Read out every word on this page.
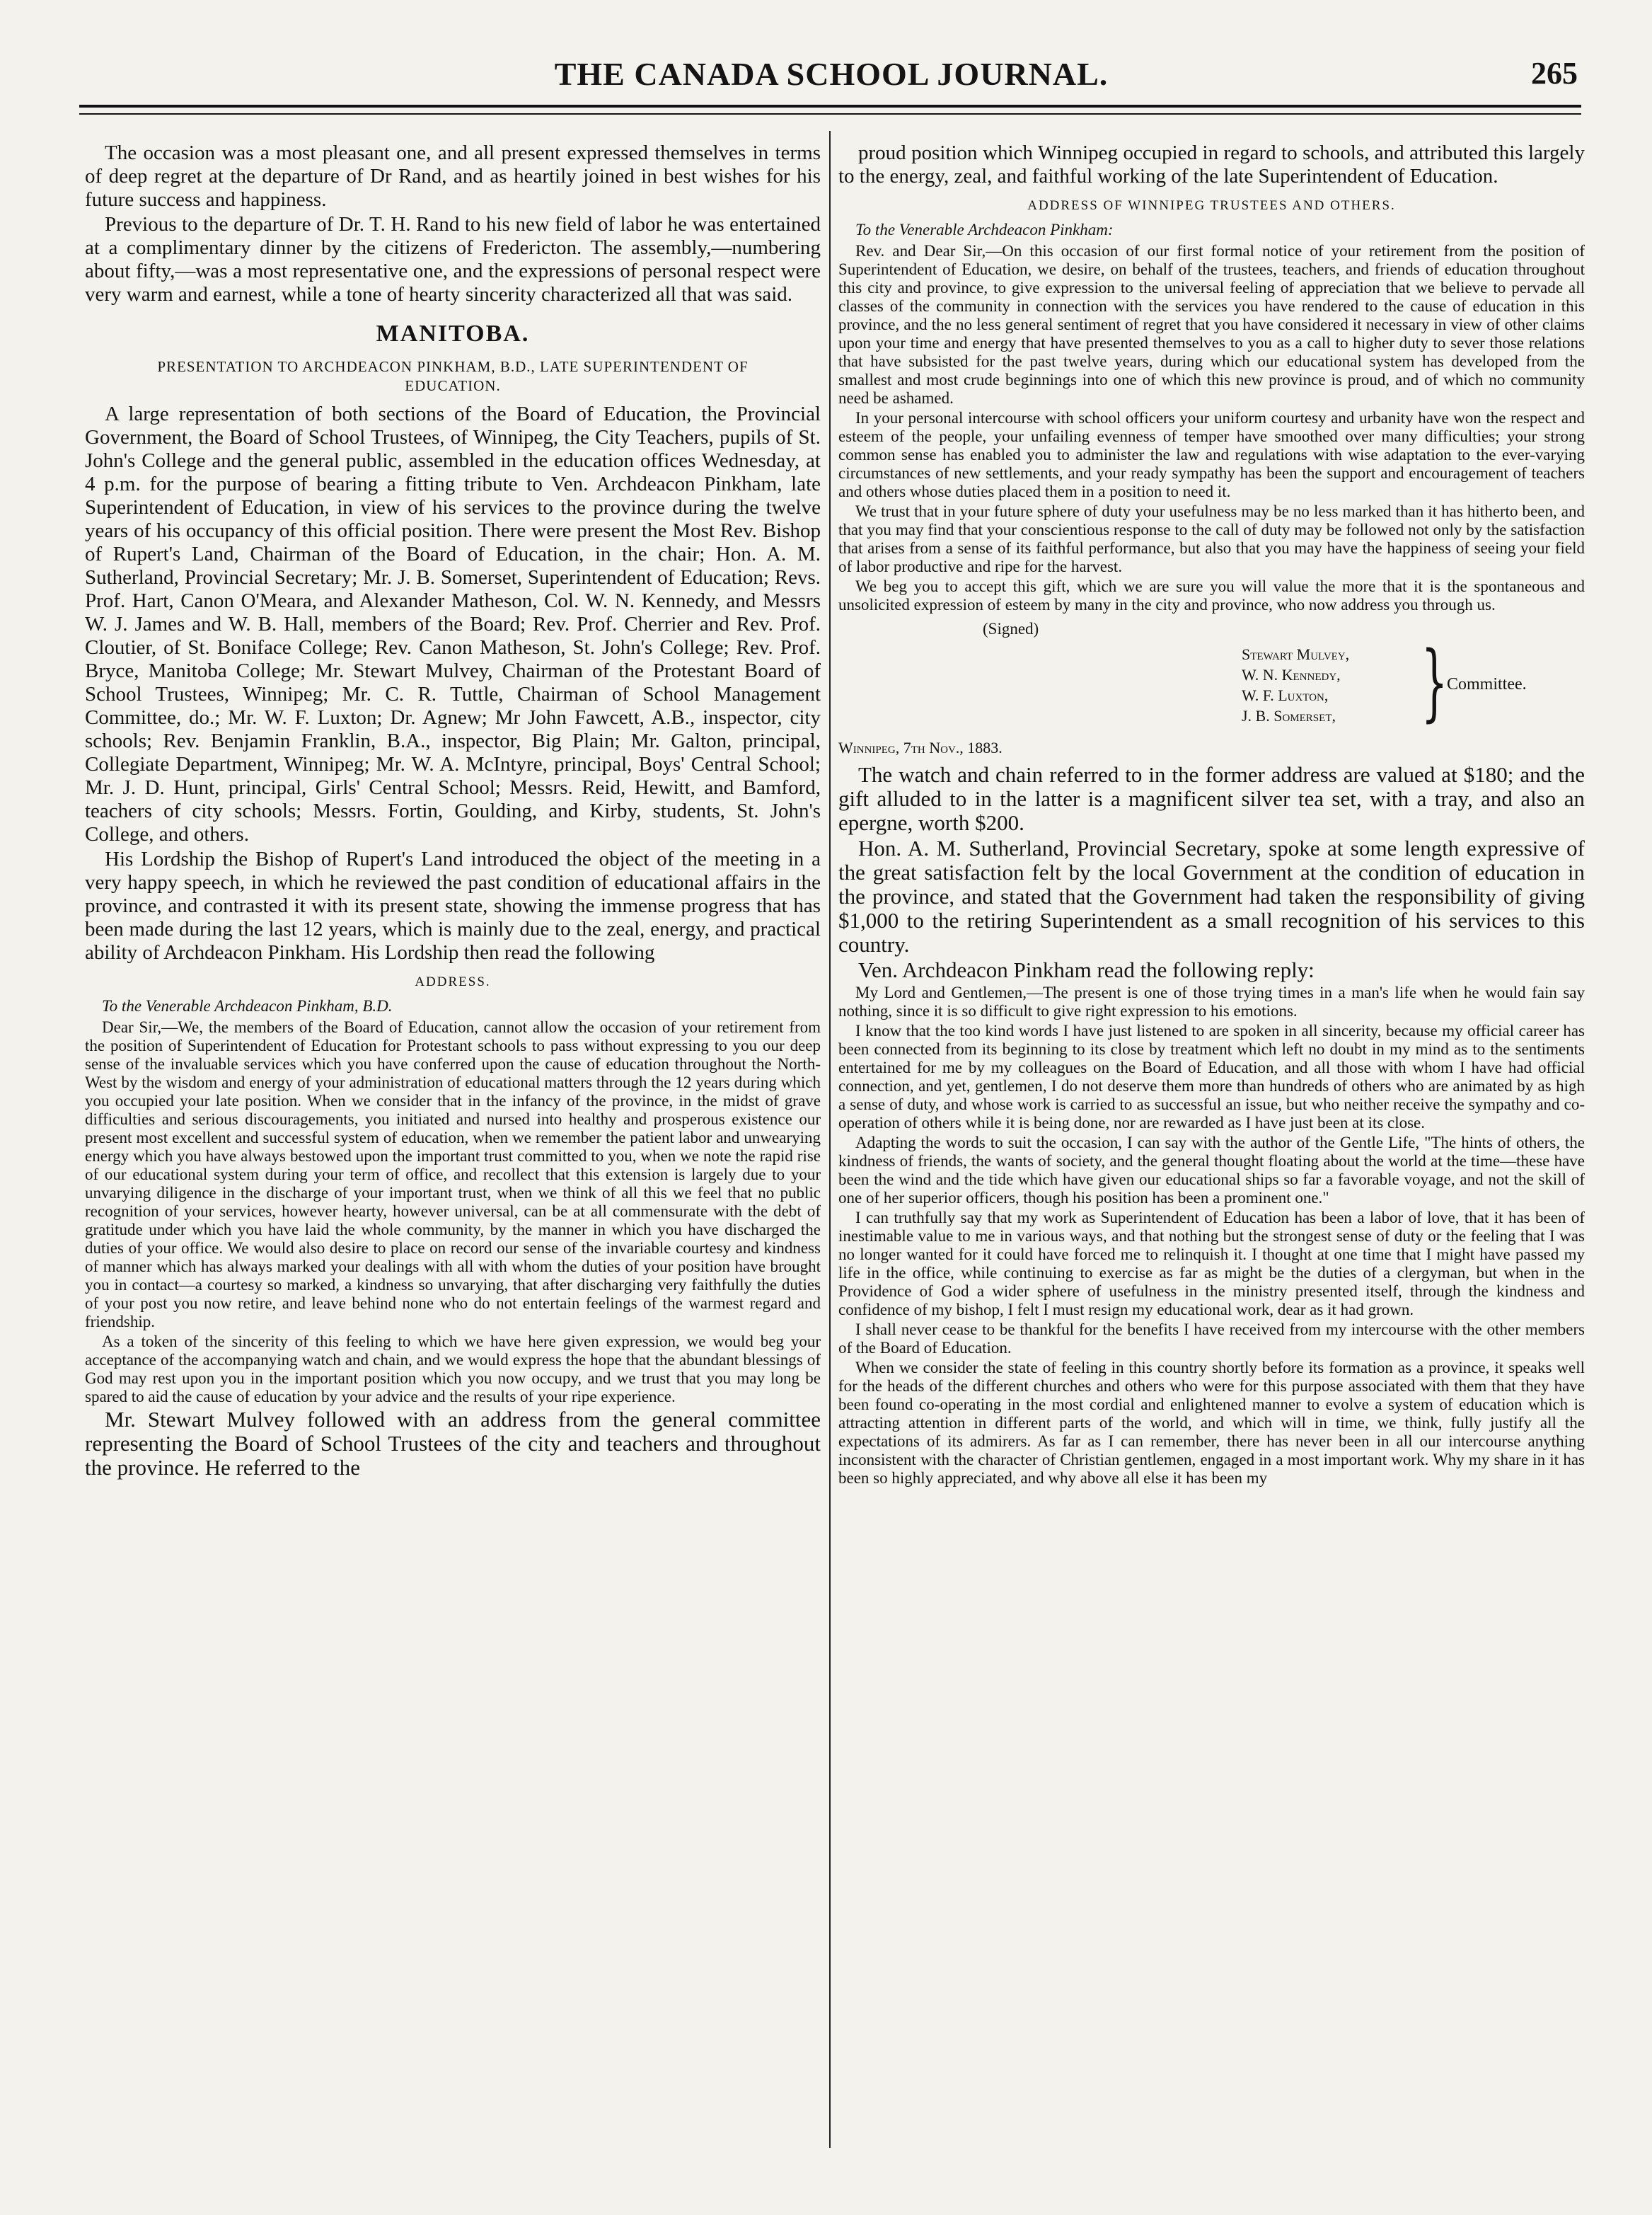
THE CANADA SCHOOL JOURNAL.	265

The occasion was a most pleasant one, and all present expressed themselves in terms of deep regret at the departure of Dr Rand, and as heartily joined in best wishes for his future success and happiness.

Previous to the departure of Dr. T. H. Rand to his new field of labor he was entertained at a complimentary dinner by the citizens of Fredericton. The assembly,—numbering about fifty,—was a most representative one, and the expressions of personal respect were very warm and earnest, while a tone of hearty sincerity characterized all that was said.

MANITOBA.
PRESENTATION TO ARCHDEACON PINKHAM, B.D., LATE SUPERINTENDENT OF EDUCATION.

A large representation of both sections of the Board of Education, the Provincial Government, the Board of School Trustees, of Winnipeg, the City Teachers, pupils of St. John's College and the general public, assembled in the education offices Wednesday, at 4 p.m. for the purpose of bearing a fitting tribute to Ven. Archdeacon Pinkham, late Superintendent of Education, in view of his services to the province during the twelve years of his occupancy of this official position. There were present the Most Rev. Bishop of Rupert's Land, Chairman of the Board of Education, in the chair; Hon. A. M. Sutherland, Provincial Secretary; Mr. J. B. Somerset, Superintendent of Education; Revs. Prof. Hart, Canon O'Meara, and Alexander Matheson, Col. W. N. Kennedy, and Messrs W. J. James and W. B. Hall, members of the Board; Rev. Prof. Cherrier and Rev. Prof. Cloutier, of St. Boniface College; Rev. Canon Matheson, St. John's College; Rev. Prof. Bryce, Manitoba College; Mr. Stewart Mulvey, Chairman of the Protestant Board of School Trustees, Winnipeg; Mr. C. R. Tuttle, Chairman of School Management Committee, do.; Mr. W. F. Luxton; Dr. Agnew; Mr John Fawcett, A.B., inspector, city schools; Rev. Benjamin Franklin, B.A., inspector, Big Plain; Mr. Galton, principal, Collegiate Department, Winnipeg; Mr. W. A. McIntyre, principal, Boys' Central School; Mr. J. D. Hunt, principal, Girls' Central School; Messrs. Reid, Hewitt, and Bamford, teachers of city schools; Messrs. Fortin, Goulding, and Kirby, students, St. John's College, and others.

His Lordship the Bishop of Rupert's Land introduced the object of the meeting in a very happy speech, in which he reviewed the past condition of educational affairs in the province, and contrasted it with its present state, showing the immense progress that has been made during the last 12 years, which is mainly due to the zeal, energy, and practical ability of Archdeacon Pinkham. His Lordship then read the following

ADDRESS.

To the Venerable Archdeacon Pinkham, B.D.

Dear Sir,—We, the members of the Board of Education, cannot allow the occasion of your retirement from the position of Superintendent of Education for Protestant schools to pass without expressing to you our deep sense of the invaluable services which you have conferred upon the cause of education throughout the North-West by the wisdom and energy of your administration of educational matters through the 12 years during which you occupied your late position. When we consider that in the infancy of the province, in the midst of grave difficulties and serious discouragements, you initiated and nursed into healthy and prosperous existence our present most excellent and successful system of education, when we remember the patient labor and unwearying energy which you have always bestowed upon the important trust committed to you, when we note the rapid rise of our educational system during your term of office, and recollect that this extension is largely due to your unvarying diligence in the discharge of your important trust, when we think of all this we feel that no public recognition of your services, however hearty, however universal, can be at all commensurate with the debt of gratitude under which you have laid the whole community, by the manner in which you have discharged the duties of your office. We would also desire to place on record our sense of the invariable courtesy and kindness of manner which has always marked your dealings with all with whom the duties of your position have brought you in contact—a courtesy so marked, a kindness so unvarying, that after discharging very faithfully the duties of your post you now retire, and leave behind none who do not entertain feelings of the warmest regard and friendship.

As a token of the sincerity of this feeling to which we have here given expression, we would beg your acceptance of the accompanying watch and chain, and we would express the hope that the abundant blessings of God may rest upon you in the important position which you now occupy, and we trust that you may long be spared to aid the cause of education by your advice and the results of your ripe experience.

Mr. Stewart Mulvey followed with an address from the general committee representing the Board of School Trustees of the city and teachers and throughout the province. He referred to the

proud position which Winnipeg occupied in regard to schools, and attributed this largely to the energy, zeal, and faithful working of the late Superintendent of Education.

ADDRESS OF WINNIPEG TRUSTEES AND OTHERS.

To the Venerable Archdeacon Pinkham:

Rev. and Dear Sir,—On this occasion of our first formal notice of your retirement from the position of Superintendent of Education, we desire, on behalf of the trustees, teachers, and friends of education throughout this city and province, to give expression to the universal feeling of appreciation that we believe to pervade all classes of the community in connection with the services you have rendered to the cause of education in this province, and the no less general sentiment of regret that you have considered it necessary in view of other claims upon your time and energy that have presented themselves to you as a call to higher duty to sever those relations that have subsisted for the past twelve years, during which our educational system has developed from the smallest and most crude beginnings into one of which this new province is proud, and of which no community need be ashamed.

In your personal intercourse with school officers your uniform courtesy and urbanity have won the respect and esteem of the people, your unfailing evenness of temper have smoothed over many difficulties; your strong common sense has enabled you to administer the law and regulations with wise adaptation to the ever-varying circumstances of new settlements, and your ready sympathy has been the support and encouragement of teachers and others whose duties placed them in a position to need it.

We trust that in your future sphere of duty your usefulness may be no less marked than it has hitherto been, and that you may find that your conscientious response to the call of duty may be followed not only by the satisfaction that arises from a sense of its faithful performance, but also that you may have the happiness of seeing your field of labor productive and ripe for the harvest.

We beg you to accept this gift, which we are sure you will value the more that it is the spontaneous and unsolicited expression of esteem by many in the city and province, who now address you through us.

(Signed)

Stewart Mulvey,
W. N. Kennedy,
W. F. Luxton,
J. B. Somerset, }
Committee.

Winnipeg, 7th Nov., 1883.

The watch and chain referred to in the former address are valued at $180; and the gift alluded to in the latter is a magnificent silver tea set, with a tray, and also an epergne, worth $200.

Hon. A. M. Sutherland, Provincial Secretary, spoke at some length expressive of the great satisfaction felt by the local Government at the condition of education in the province, and stated that the Government had taken the responsibility of giving $1,000 to the retiring Superintendent as a small recognition of his services to this country.

Ven. Archdeacon Pinkham read the following reply:

My Lord and Gentlemen,—The present is one of those trying times in a man's life when he would fain say nothing, since it is so difficult to give right expression to his emotions.

I know that the too kind words I have just listened to are spoken in all sincerity, because my official career has been connected from its beginning to its close by treatment which left no doubt in my mind as to the sentiments entertained for me by my colleagues on the Board of Education, and all those with whom I have had official connection, and yet, gentlemen, I do not deserve them more than hundreds of others who are animated by as high a sense of duty, and whose work is carried to as successful an issue, but who neither receive the sympathy and co-operation of others while it is being done, nor are rewarded as I have just been at its close.

Adapting the words to suit the occasion, I can say with the author of the Gentle Life, "The hints of others, the kindness of friends, the wants of society, and the general thought floating about the world at the time—these have been the wind and the tide which have given our educational ships so far a favorable voyage, and not the skill of one of her superior officers, though his position has been a prominent one."

I can truthfully say that my work as Superintendent of Education has been a labor of love, that it has been of inestimable value to me in various ways, and that nothing but the strongest sense of duty or the feeling that I was no longer wanted for it could have forced me to relinquish it. I thought at one time that I might have passed my life in the office, while continuing to exercise as far as might be the duties of a clergyman, but when in the Providence of God a wider sphere of usefulness in the ministry presented itself, through the kindness and confidence of my bishop, I felt I must resign my educational work, dear as it had grown.

I shall never cease to be thankful for the benefits I have received from my intercourse with the other members of the Board of Education.

When we consider the state of feeling in this country shortly before its formation as a province, it speaks well for the heads of the different churches and others who were for this purpose associated with them that they have been found co-operating in the most cordial and enlightened manner to evolve a system of education which is attracting attention in different parts of the world, and which will in time, we think, fully justify all the expectations of its admirers. As far as I can remember, there has never been in all our intercourse anything inconsistent with the character of Christian gentlemen, engaged in a most important work. Why my share in it has been so highly appreciated, and why above all else it has been my
